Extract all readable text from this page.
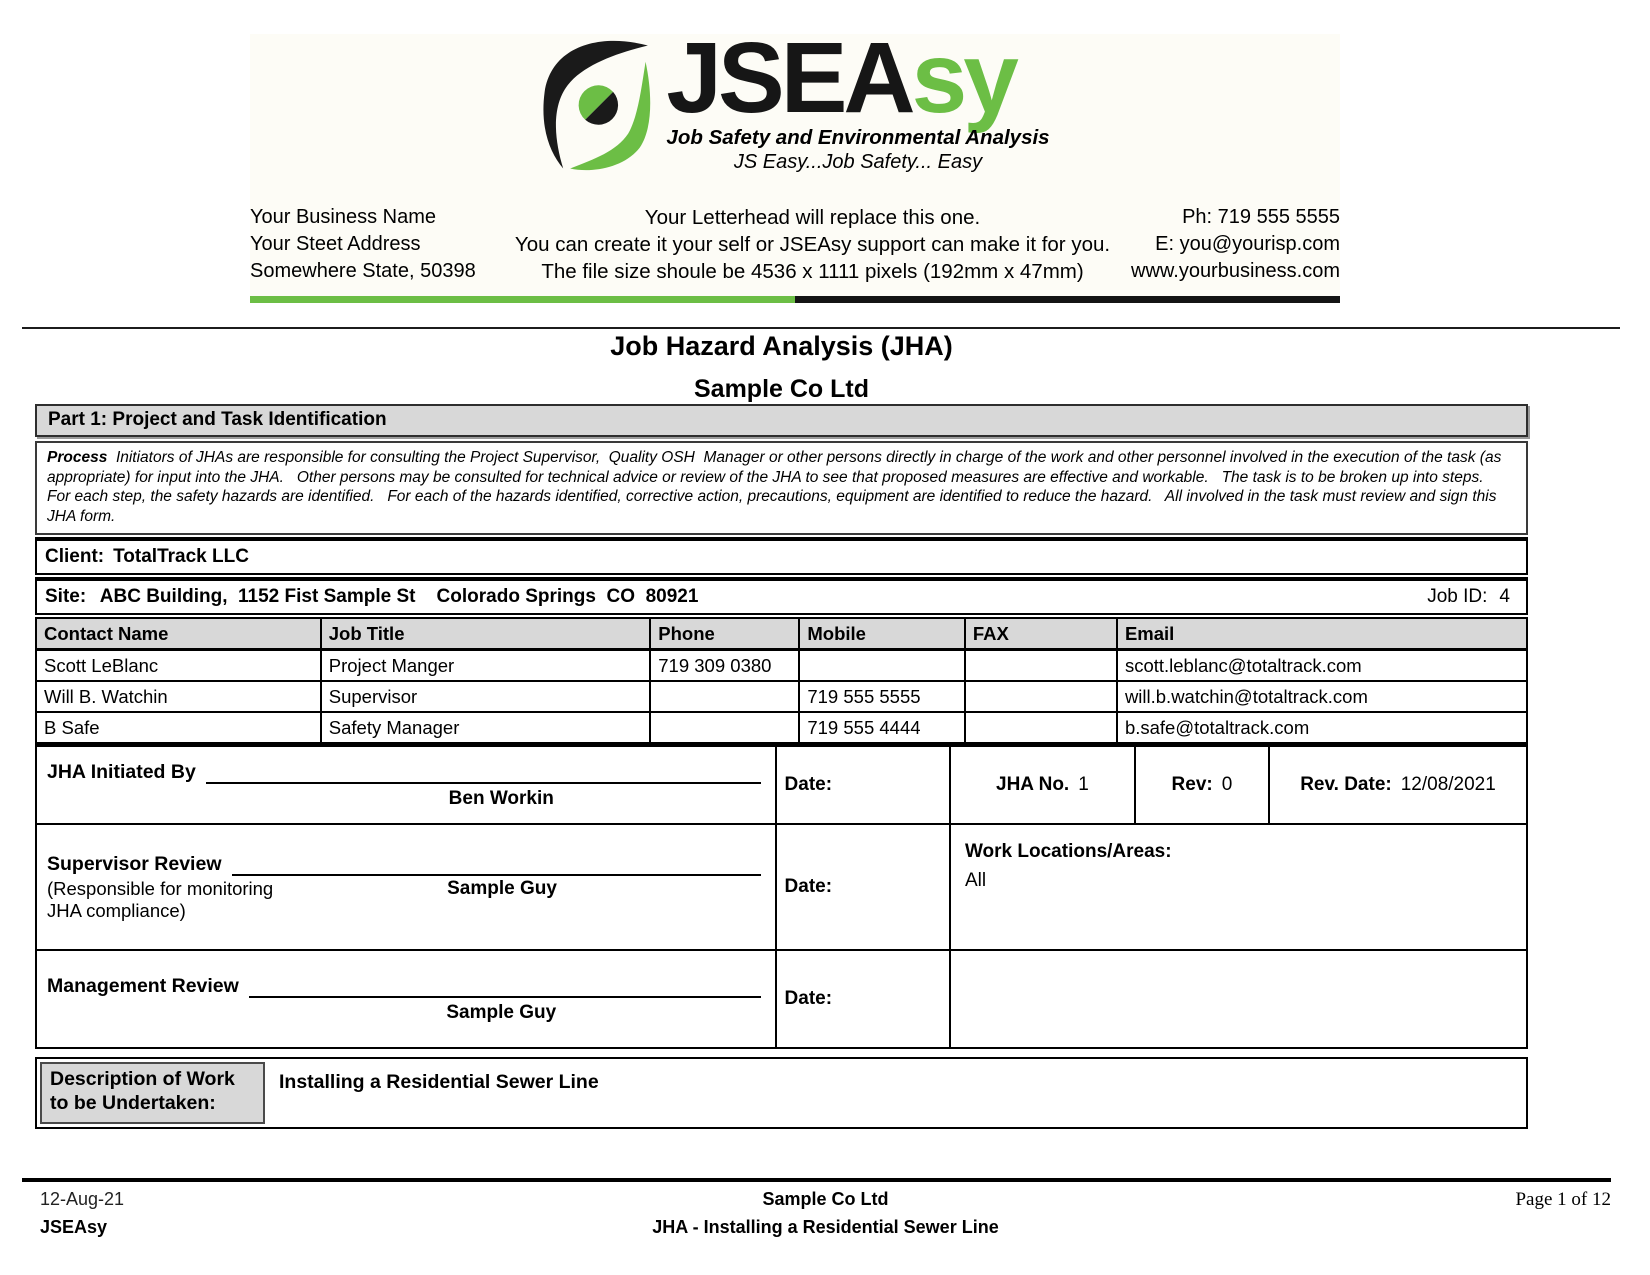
JSEAsy
Job Safety and Environmental Analysis
JS Easy...Job Safety... Easy
Your Business Name
Your Steet Address
Somewhere State, 50398
Your Letterhead will replace this one.
You can create it your self or JSEAsy support can make it for you.
The file size shoule be 4536 x 1111 pixels (192mm x 47mm)
Ph: 719 555 5555
E: you@yourisp.com
www.yourbusiness.com
Job Hazard Analysis (JHA)
Sample Co Ltd
Part 1: Project and Task Identification
Process  Initiators of JHAs are responsible for consulting the Project Supervisor,  Quality OSH  Manager or other persons directly in charge of the work and other personnel involved in the execution of the task (as appropriate) for input into the JHA.   Other persons may be consulted for technical advice or review of the JHA to see that proposed measures are effective and workable.   The task is to be broken up into steps.   For each step, the safety hazards are identified.   For each of the hazards identified, corrective action, precautions, equipment are identified to reduce the hazard.   All involved in the task must review and sign this JHA form.
Client: TotalTrack LLC
Site: ABC Building,  1152 Fist Sample St    Colorado Springs  CO  80921	Job ID: 4
Contact Name	Job Title	Phone	Mobile	FAX	Email
Scott LeBlanc	Project Manger	719 309 0380			scott.leblanc@totaltrack.com
Will B. Watchin	Supervisor		719 555 5555		will.b.watchin@totaltrack.com
B Safe	Safety Manager		719 555 4444		b.safe@totaltrack.com
JHA Initiated By
Ben Workin	Date:	JHA No. 1	Rev: 0	Rev. Date: 12/08/2021

Supervisor Review
(Responsible for monitoring
JHA compliance)
Sample Guy	Date:	
Work Locations/Areas:
All

Management Review
Sample Guy	Date:			
Description of Work to be Undertaken:
Installing a Residential Sewer Line
12-Aug-21	Sample Co Ltd	Page 1 of 12
JSEAsy	JHA - Installing a Residential Sewer Line
